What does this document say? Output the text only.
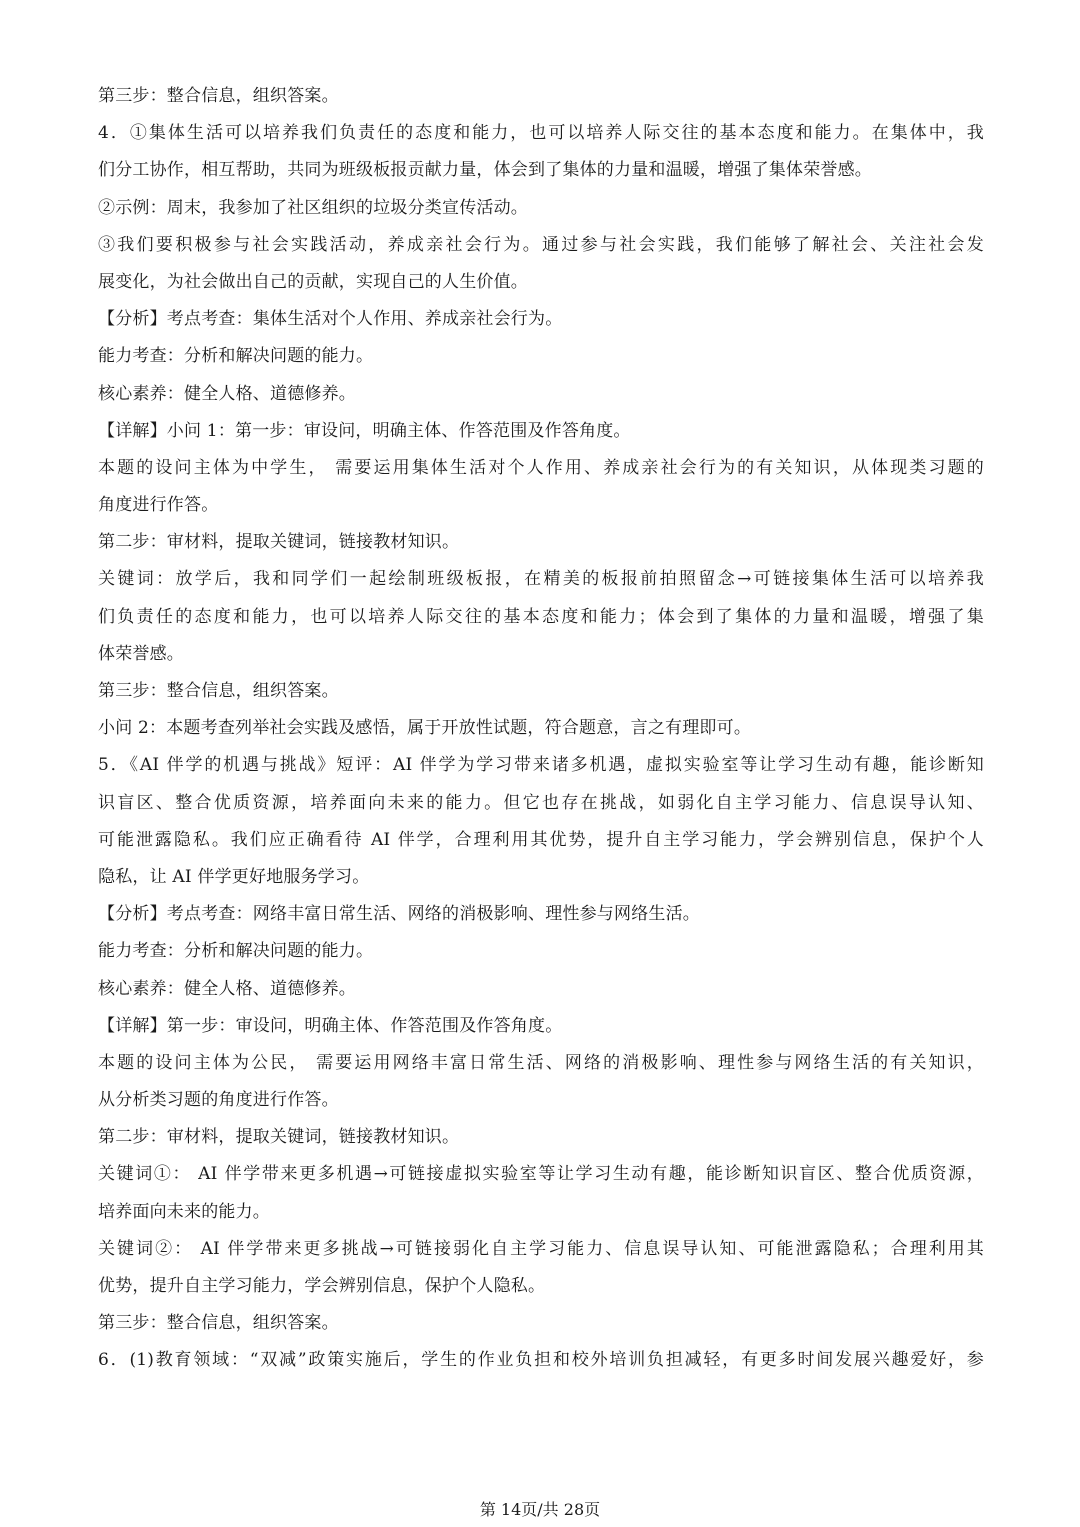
第三步：整合信息，组织答案。
4．①集体生活可以培养我们负责任的态度和能力，也可以培养人际交往的基本态度和能力。在集体中，我
们分工协作，相互帮助，共同为班级板报贡献力量，体会到了集体的力量和温暖，增强了集体荣誉感。
②示例：周末，我参加了社区组织的垃圾分类宣传活动。
③我们要积极参与社会实践活动，养成亲社会行为。通过参与社会实践，我们能够了解社会、关注社会发
展变化，为社会做出自己的贡献，实现自己的人生价值。
【分析】考点考查：集体生活对个人作用、养成亲社会行为。
能力考查：分析和解决问题的能力。
核心素养：健全人格、道德修养。
【详解】小问 1：第一步：审设问，明确主体、作答范围及作答角度。
本题的设问主体为中学生， 需要运用集体生活对个人作用、养成亲社会行为的有关知识，从体现类习题的
角度进行作答。
第二步：审材料，提取关键词，链接教材知识。
关键词：放学后，我和同学们一起绘制班级板报，在精美的板报前拍照留念→可链接集体生活可以培养我
们负责任的态度和能力，也可以培养人际交往的基本态度和能力；体会到了集体的力量和温暖，增强了集
体荣誉感。
第三步：整合信息，组织答案。
小问 2：本题考查列举社会实践及感悟，属于开放性试题，符合题意，言之有理即可。
5．《AI 伴学的机遇与挑战》短评：AI 伴学为学习带来诸多机遇，虚拟实验室等让学习生动有趣，能诊断知
识盲区、整合优质资源，培养面向未来的能力。但它也存在挑战，如弱化自主学习能力、信息误导认知、
可能泄露隐私。我们应正确看待 AI 伴学，合理利用其优势，提升自主学习能力，学会辨别信息，保护个人
隐私，让 AI 伴学更好地服务学习。
【分析】考点考查：网络丰富日常生活、网络的消极影响、理性参与网络生活。
能力考查：分析和解决问题的能力。
核心素养：健全人格、道德修养。
【详解】第一步：审设问，明确主体、作答范围及作答角度。
本题的设问主体为公民， 需要运用网络丰富日常生活、网络的消极影响、理性参与网络生活的有关知识，
从分析类习题的角度进行作答。
第二步：审材料，提取关键词，链接教材知识。
关键词①： AI 伴学带来更多机遇→可链接虚拟实验室等让学习生动有趣，能诊断知识盲区、整合优质资源，
培养面向未来的能力。
关键词②： AI 伴学带来更多挑战→可链接弱化自主学习能力、信息误导认知、可能泄露隐私；合理利用其
优势，提升自主学习能力，学会辨别信息，保护个人隐私。
第三步：整合信息，组织答案。
6．(1)教育领域：“双减”政策实施后，学生的作业负担和校外培训负担减轻，有更多时间发展兴趣爱好，参
第 14页/共 28页
